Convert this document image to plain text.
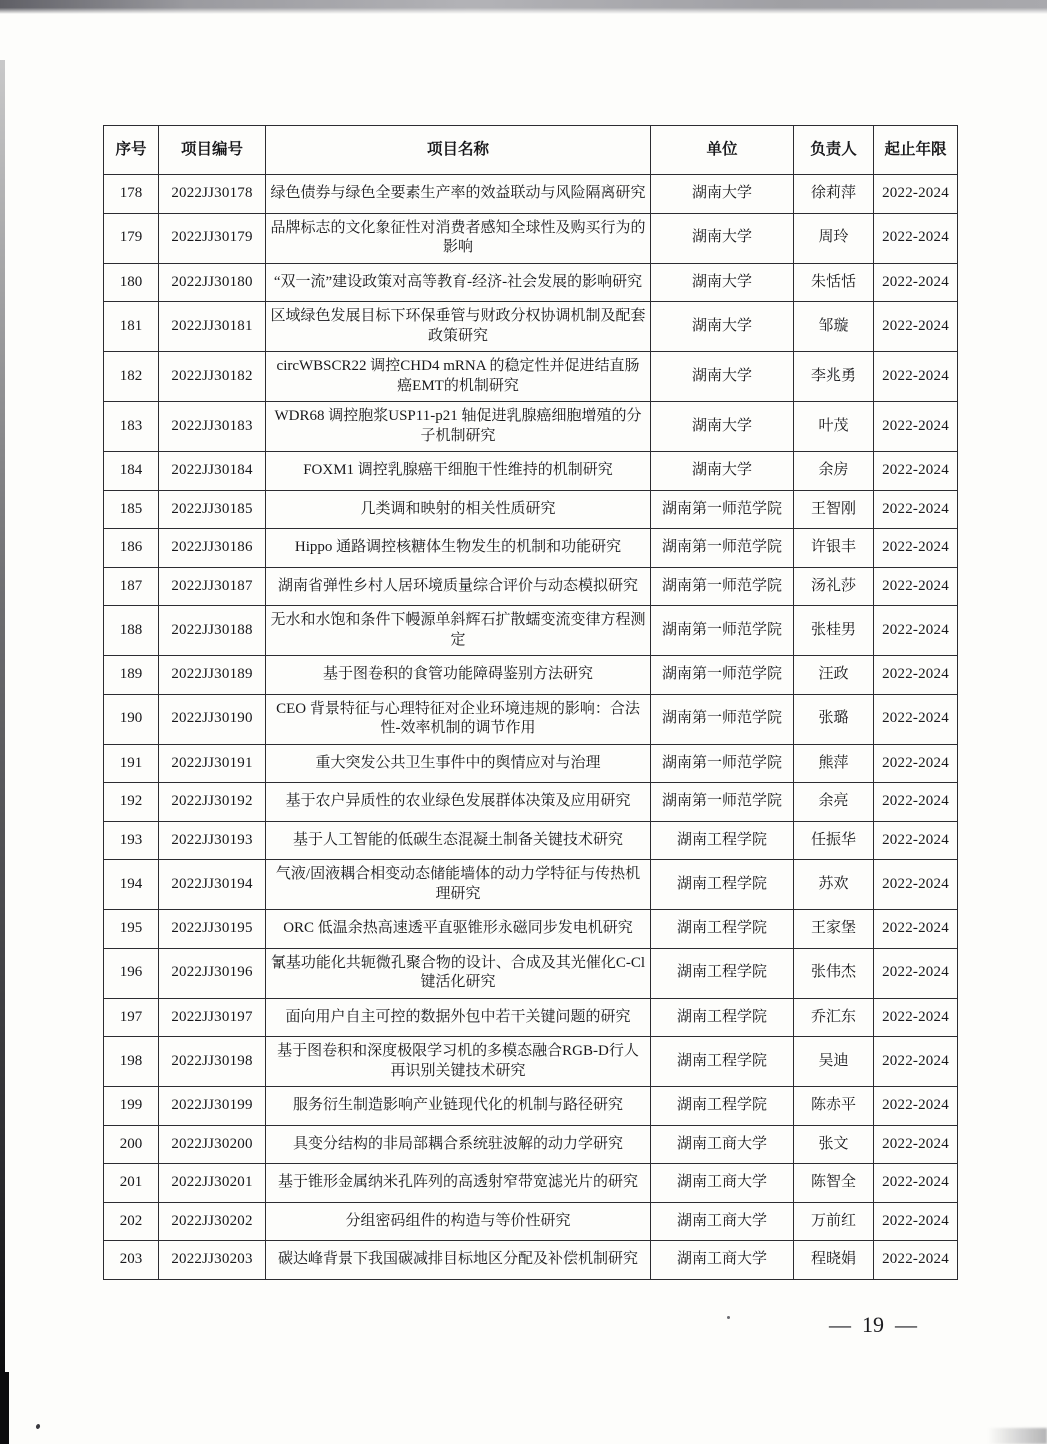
序号	项目编号	项目名称	单位	负责人	起止年限
178	2022JJ30178	绿色债券与绿色全要素生产率的效益联动与风险隔离研究	湖南大学	徐莉萍	2022-2024
179	2022JJ30179	品牌标志的文化象征性对消费者感知全球性及购买行为的影响	湖南大学	周玲	2022-2024
180	2022JJ30180	“双一流”建设政策对高等教育-经济-社会发展的影响研究	湖南大学	朱恬恬	2022-2024
181	2022JJ30181	区域绿色发展目标下环保垂管与财政分权协调机制及配套政策研究	湖南大学	邹璇	2022-2024
182	2022JJ30182	circWBSCR22 调控CHD4 mRNA 的稳定性并促进结直肠癌EMT的机制研究	湖南大学	李兆勇	2022-2024
183	2022JJ30183	WDR68 调控胞浆USP11-p21 轴促进乳腺癌细胞增殖的分子机制研究	湖南大学	叶茂	2022-2024
184	2022JJ30184	FOXM1 调控乳腺癌干细胞干性维持的机制研究	湖南大学	余房	2022-2024
185	2022JJ30185	几类调和映射的相关性质研究	湖南第一师范学院	王智刚	2022-2024
186	2022JJ30186	Hippo 通路调控核糖体生物发生的机制和功能研究	湖南第一师范学院	许银丰	2022-2024
187	2022JJ30187	湖南省弹性乡村人居环境质量综合评价与动态模拟研究	湖南第一师范学院	汤礼莎	2022-2024
188	2022JJ30188	无水和水饱和条件下幔源单斜辉石扩散蠕变流变律方程测定	湖南第一师范学院	张桂男	2022-2024
189	2022JJ30189	基于图卷积的食管功能障碍鉴别方法研究	湖南第一师范学院	汪政	2022-2024
190	2022JJ30190	CEO 背景特征与心理特征对企业环境违规的影响：合法性-效率机制的调节作用	湖南第一师范学院	张璐	2022-2024
191	2022JJ30191	重大突发公共卫生事件中的舆情应对与治理	湖南第一师范学院	熊萍	2022-2024
192	2022JJ30192	基于农户异质性的农业绿色发展群体决策及应用研究	湖南第一师范学院	余亮	2022-2024
193	2022JJ30193	基于人工智能的低碳生态混凝土制备关键技术研究	湖南工程学院	任振华	2022-2024
194	2022JJ30194	气液/固液耦合相变动态储能墙体的动力学特征与传热机理研究	湖南工程学院	苏欢	2022-2024
195	2022JJ30195	ORC 低温余热高速透平直驱锥形永磁同步发电机研究	湖南工程学院	王家堡	2022-2024
196	2022JJ30196	氰基功能化共轭微孔聚合物的设计、合成及其光催化C-Cl键活化研究	湖南工程学院	张伟杰	2022-2024
197	2022JJ30197	面向用户自主可控的数据外包中若干关键问题的研究	湖南工程学院	乔汇东	2022-2024
198	2022JJ30198	基于图卷积和深度极限学习机的多模态融合RGB-D行人再识别关键技术研究	湖南工程学院	吴迪	2022-2024
199	2022JJ30199	服务衍生制造影响产业链现代化的机制与路径研究	湖南工程学院	陈赤平	2022-2024
200	2022JJ30200	具变分结构的非局部耦合系统驻波解的动力学研究	湖南工商大学	张文	2022-2024
201	2022JJ30201	基于锥形金属纳米孔阵列的高透射窄带宽滤光片的研究	湖南工商大学	陈智全	2022-2024
202	2022JJ30202	分组密码组件的构造与等价性研究	湖南工商大学	万前红	2022-2024
203	2022JJ30203	碳达峰背景下我国碳减排目标地区分配及补偿机制研究	湖南工商大学	程晓娟	2022-2024
—  19  —
